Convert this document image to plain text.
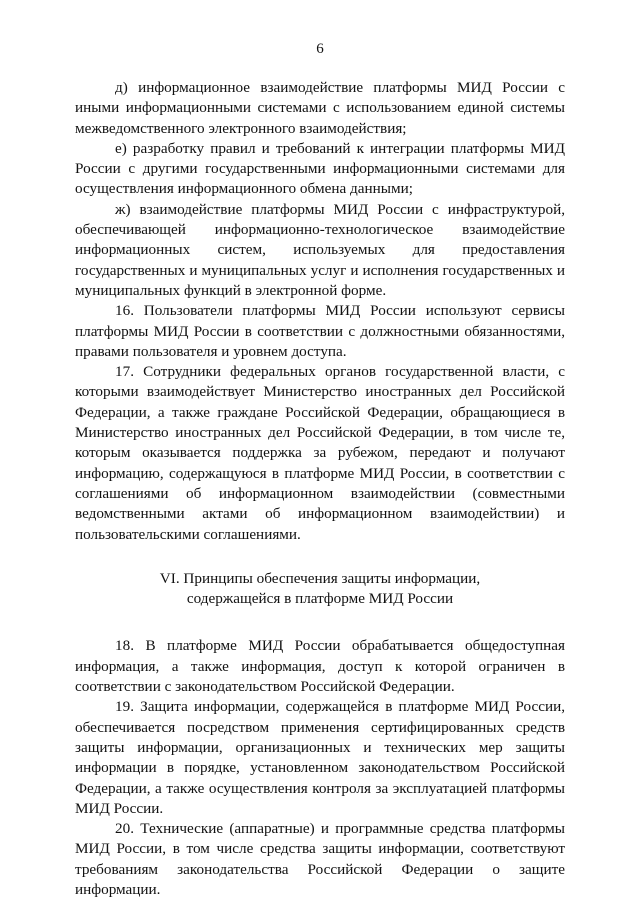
6

д) информационное взаимодействие платформы МИД России с иными информационными системами с использованием единой системы межведомственного электронного взаимодействия;

е) разработку правил и требований к интеграции платформы МИД России с другими государственными информационными системами для осуществления информационного обмена данными;

ж) взаимодействие платформы МИД России с инфраструктурой, обеспечивающей информационно-технологическое взаимодействие информационных систем, используемых для предоставления государственных и муниципальных услуг и исполнения государственных и муниципальных функций в электронной форме.

16. Пользователи платформы МИД России используют сервисы платформы МИД России в соответствии с должностными обязанностями, правами пользователя и уровнем доступа.

17. Сотрудники федеральных органов государственной власти, с которыми взаимодействует Министерство иностранных дел Российской Федерации, а также граждане Российской Федерации, обращающиеся в Министерство иностранных дел Российской Федерации, в том числе те, которым оказывается поддержка за рубежом, передают и получают информацию, содержащуюся в платформе МИД России, в соответствии с соглашениями об информационном взаимодействии (совместными ведомственными актами об информационном взаимодействии) и пользовательскими соглашениями.

VI. Принципы обеспечения защиты информации,
содержащейся в платформе МИД России

18. В платформе МИД России обрабатывается общедоступная информация, а также информация, доступ к которой ограничен в соответствии с законодательством Российской Федерации.

19. Защита информации, содержащейся в платформе МИД России, обеспечивается посредством применения сертифицированных средств защиты информации, организационных и технических мер защиты информации в порядке, установленном законодательством Российской Федерации, а также осуществления контроля за эксплуатацией платформы МИД России.

20. Технические (аппаратные) и программные средства платформы МИД России, в том числе средства защиты информации, соответствуют требованиям законодательства Российской Федерации о защите информации.
